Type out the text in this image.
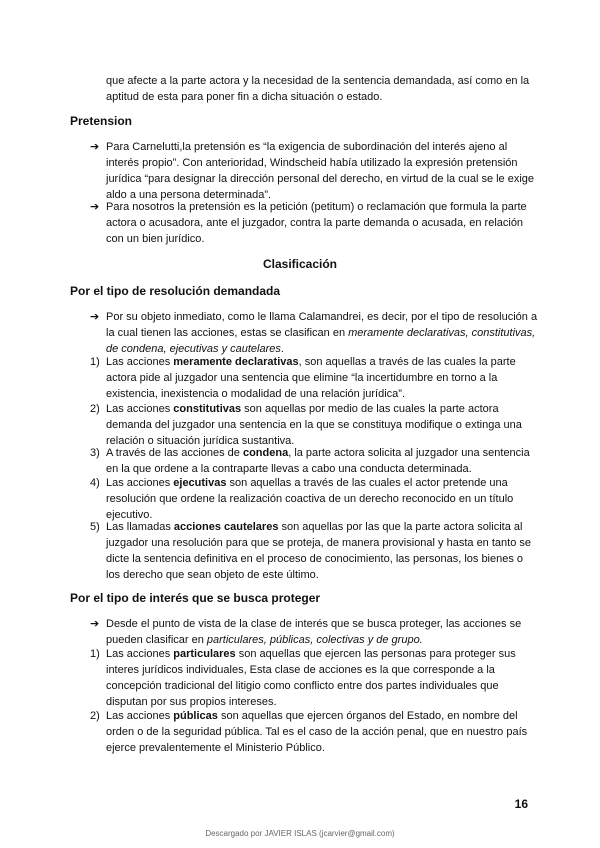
que afecte a la parte actora y la necesidad de la sentencia demandada, así como en la aptitud de esta para poner fin a dicha situación o estado.
Pretension
➔ Para Carnelutti,la pretensión es “la exigencia de subordinación del interés ajeno al interés propio”. Con anterioridad, Windscheid había utilizado la expresión pretensión jurídica “para designar la dirección personal del derecho, en virtud de la cual se le exige aldo a una persona determinada”.
➔ Para nosotros la pretensión es la petición (petitum) o reclamación que formula la parte actora o acusadora, ante el juzgador, contra la parte demanda o acusada, en relación con un bien jurídico.
Clasificación
Por el tipo de resolución demandada
➔ Por su objeto inmediato, como le llama Calamandrei, es decir, por el tipo de resolución a la cual tienen las acciones, estas se clasifican en meramente declarativas, constitutivas, de condena, ejecutivas y cautelares.
1) Las acciones meramente declarativas, son aquellas a través de las cuales la parte actora pide al juzgador una sentencia que elimine “la incertidumbre en torno a la existencia, inexistencia o modalidad de una relación jurídica”.
2) Las acciones constitutivas son aquellas por medio de las cuales la parte actora demanda del juzgador una sentencia en la que se constituya modifique o extinga una relación o situación jurídica sustantiva.
3) A través de las acciones de condena, la parte actora solicita al juzgador una sentencia en la que ordene a la contraparte llevas a cabo una conducta determinada.
4) Las acciones ejecutivas son aquellas a través de las cuales el actor pretende una resolución que ordene la realización coactiva de un derecho reconocido en un título ejecutivo.
5) Las llamadas acciones cautelares son aquellas por las que la parte actora solicita al juzgador una resolución para que se proteja, de manera provisional y hasta en tanto se dicte la sentencia definitiva en el proceso de conocimiento, las personas, los bienes o los derecho que sean objeto de este último.
Por el tipo de interés que se busca proteger
➔ Desde el punto de vista de la clase de interés que se busca proteger, las acciones se pueden clasificar en particulares, públicas, colectivas y de grupo.
1) Las acciones particulares son aquellas que ejercen las personas para proteger sus interes jurídicos individuales, Esta clase de acciones es la que corresponde a la concepción tradicional del litigio como conflicto entre dos partes individuales que disputan por sus propios intereses.
2) Las acciones públicas son aquellas que ejercen órganos del Estado, en nombre del orden o de la seguridad pública. Tal es el caso de la acción penal, que en nuestro país ejerce prevalentemente el Ministerio Público.
16
Descargado por JAVIER ISLAS (jcarvier@gmail.com)
